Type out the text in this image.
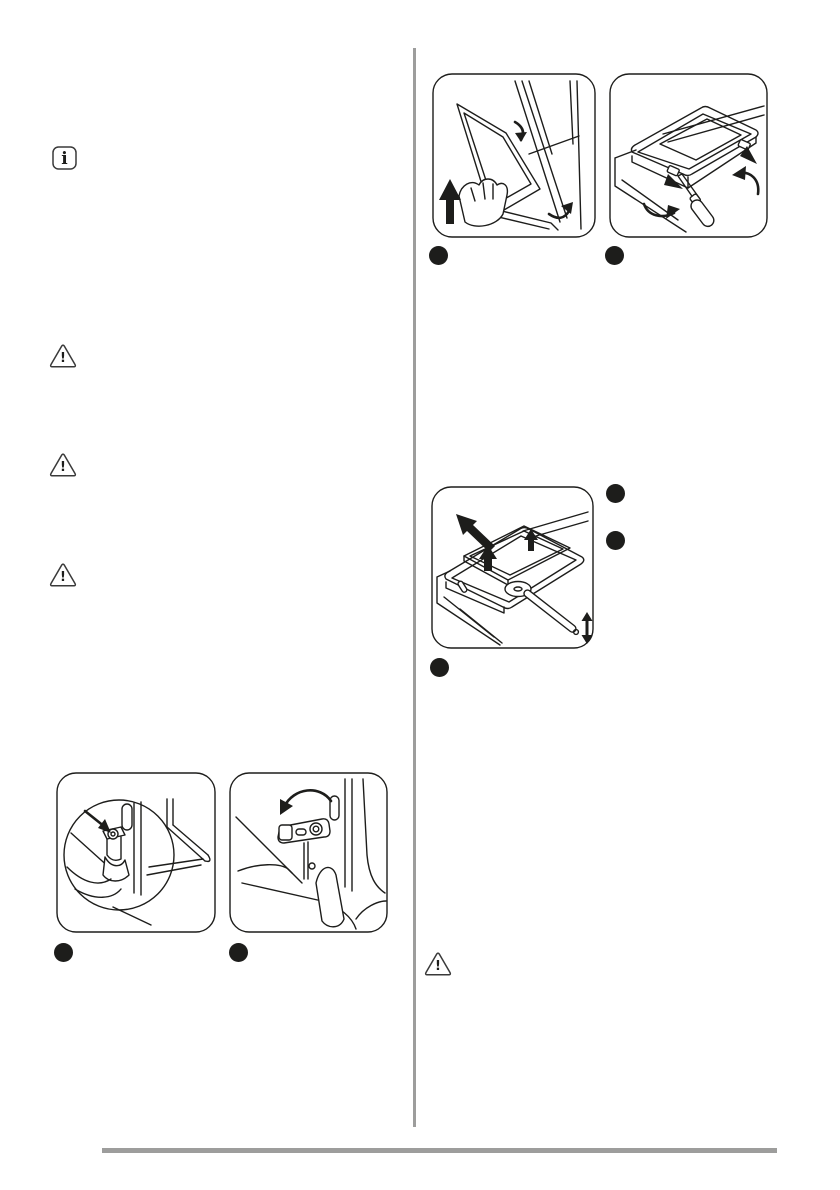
i
!
!
!
!
